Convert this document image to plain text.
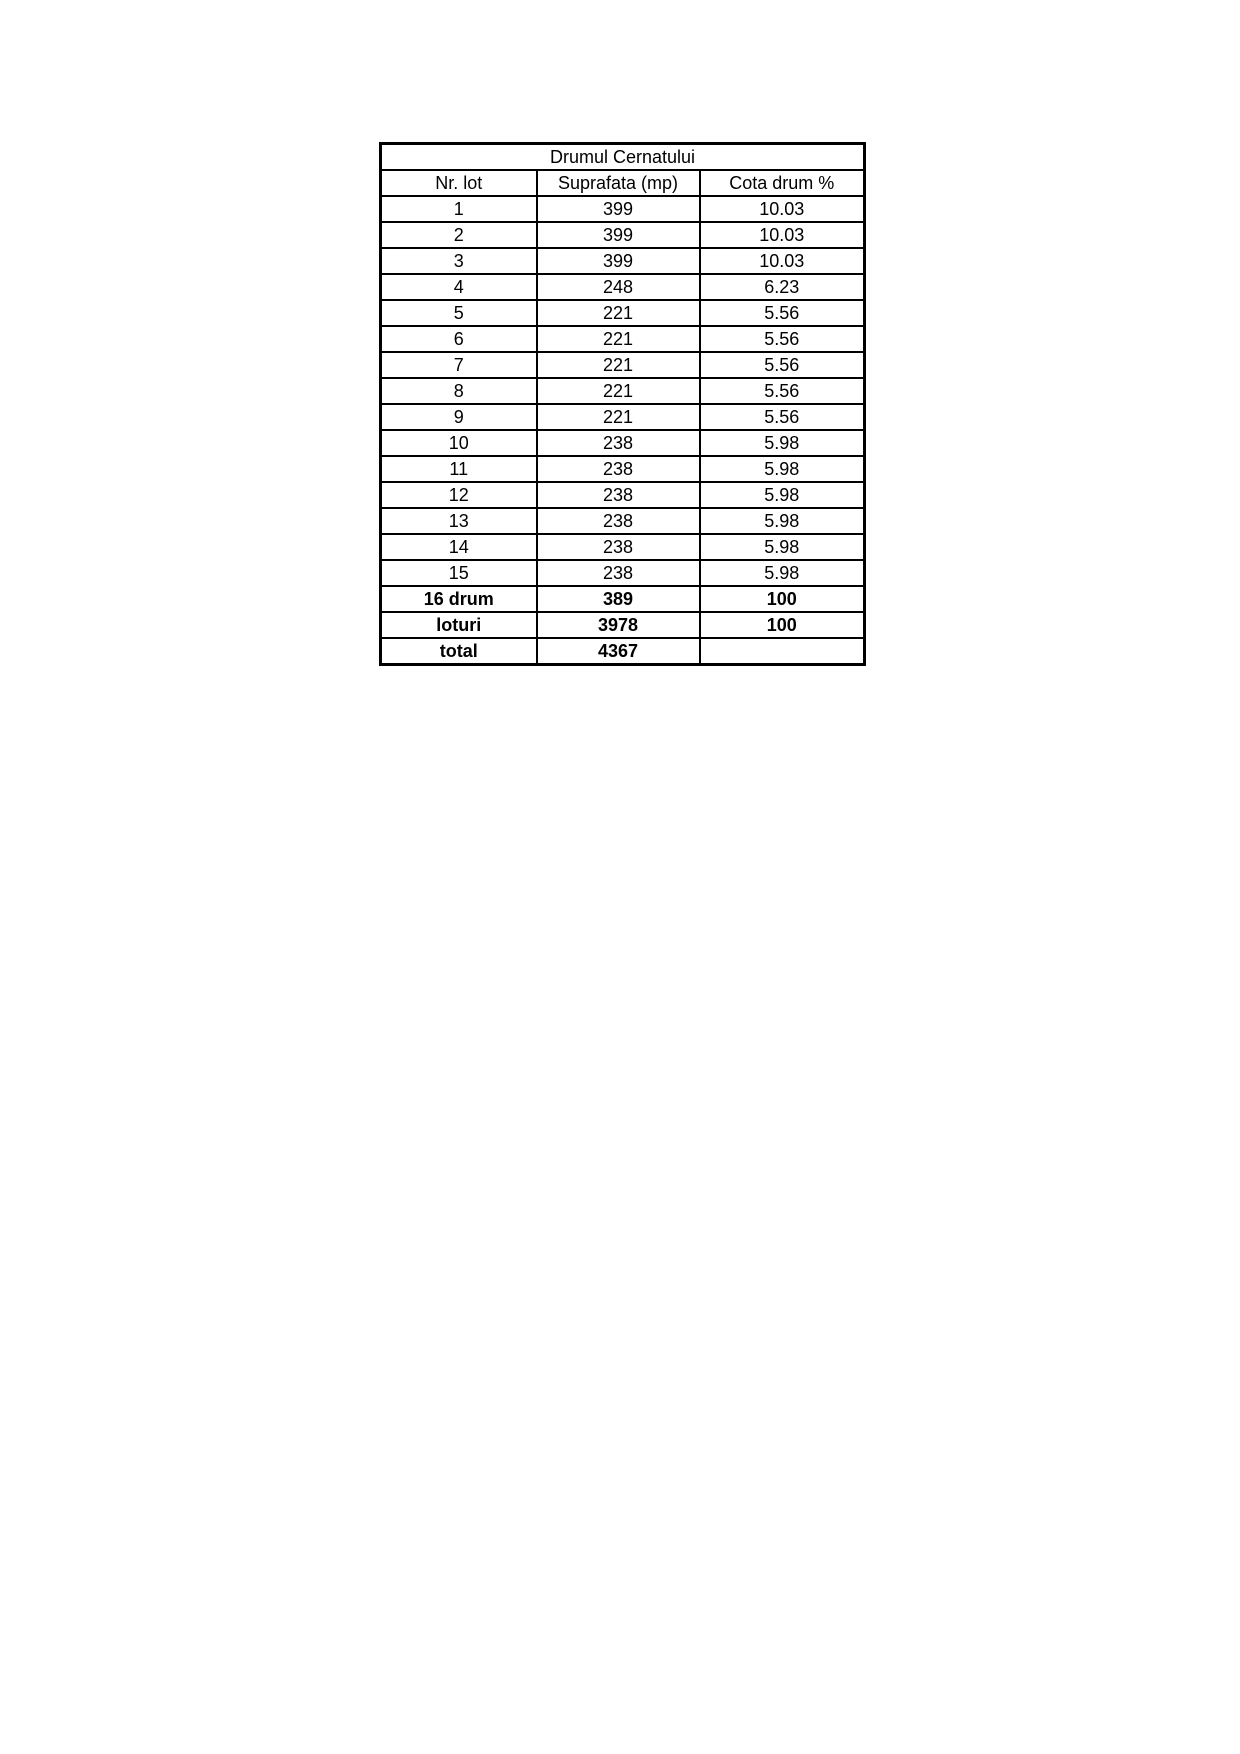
Drumul Cernatului		
Nr. lot	Suprafata (mp)	Cota drum %
1	399	10.03
2	399	10.03
3	399	10.03
4	248	6.23
5	221	5.56
6	221	5.56
7	221	5.56
8	221	5.56
9	221	5.56
10	238	5.98
11	238	5.98
12	238	5.98
13	238	5.98
14	238	5.98
15	238	5.98
16 drum	389	100
loturi	3978	100
total	4367	
